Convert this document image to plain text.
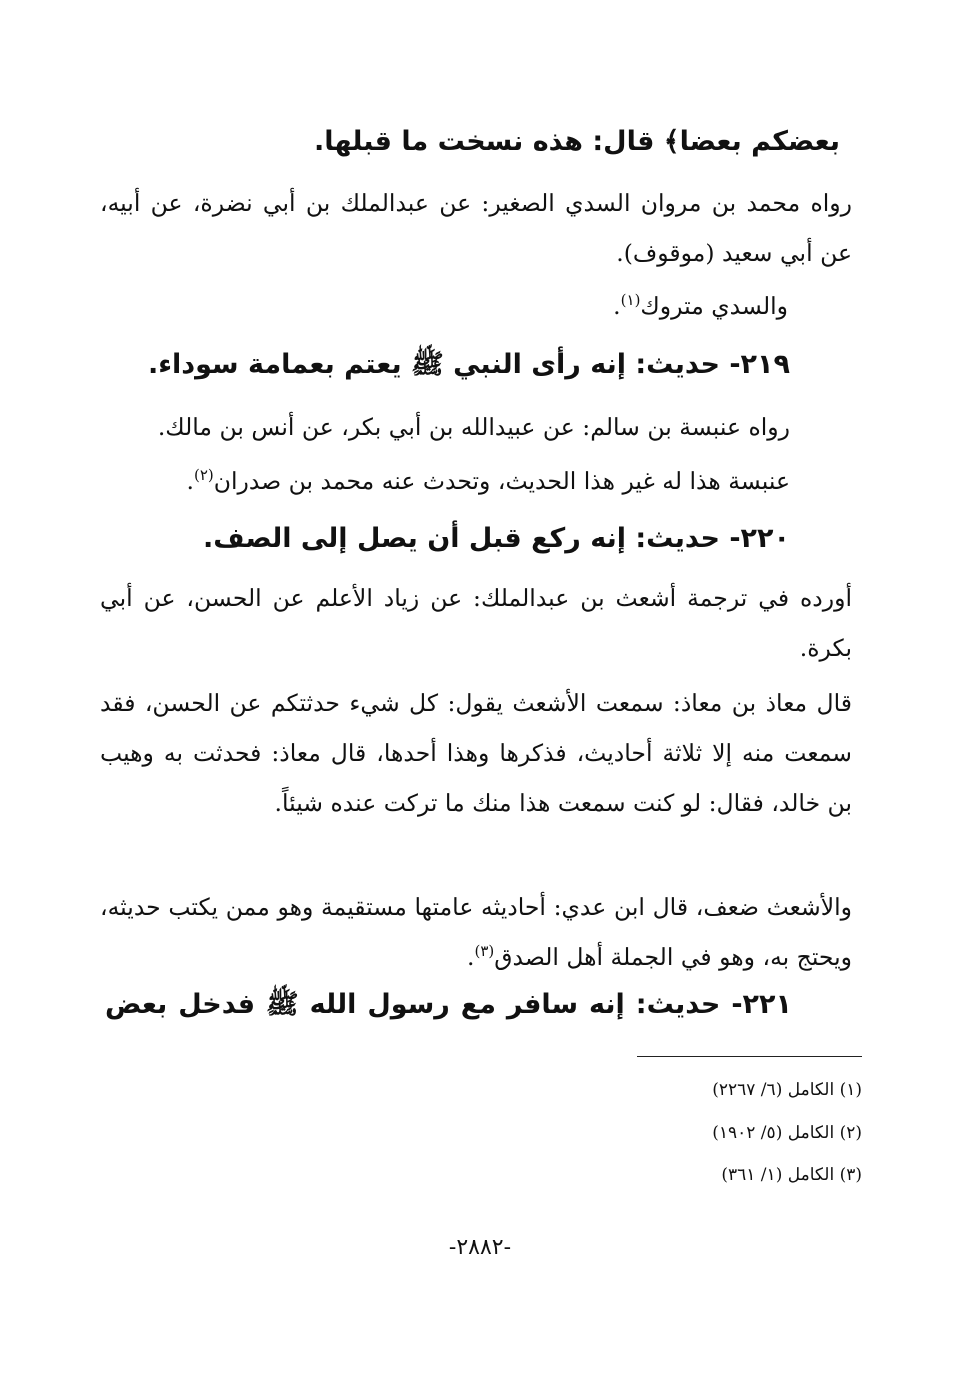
بعضكم بعضا﴾ قال: هذه نسخت ما قبلها.
رواه محمد بن مروان السدي الصغير: عن عبدالملك بن أبي نضرة، عن أبيه، عن أبي سعيد (موقوف).
والسدي متروك$^{(١)}$.
٢١٩- حديث: إنه رأى النبي ﷺ يعتم بعمامة سوداء.
رواه عنبسة بن سالم: عن عبيدالله بن أبي بكر، عن أنس بن مالك.
عنبسة هذا له غير هذا الحديث، وتحدث عنه محمد بن صدران$^{(٢)}$.
٢٢٠- حديث: إنه ركع قبل أن يصل إلى الصف.
أورده في ترجمة أشعث بن عبدالملك: عن زياد الأعلم عن الحسن، عن أبي بكرة.
قال معاذ بن معاذ: سمعت الأشعث يقول: كل شيء حدثتكم عن الحسن، فقد سمعت منه إلا ثلاثة أحاديث، فذكرها وهذا أحدها، قال معاذ: فحدثت به وهيب بن خالد، فقال: لو كنت سمعت هذا منك ما تركت عنده شيئاً.
والأشعث ضعف، قال ابن عدي: أحاديثه عامتها مستقيمة وهو ممن يكتب حديثه، ويحتج به، وهو في الجملة أهل الصدق$^{(٣)}$.
٢٢١- حديث: إنه سافر مع رسول الله ﷺ فدخل بعض
(١) الكامل (٦/ ٢٢٦٧)
(٢) الكامل (٥/ ١٩٠٢)
(٣) الكامل (١/ ٣٦١)
-٢٨٨٢-
